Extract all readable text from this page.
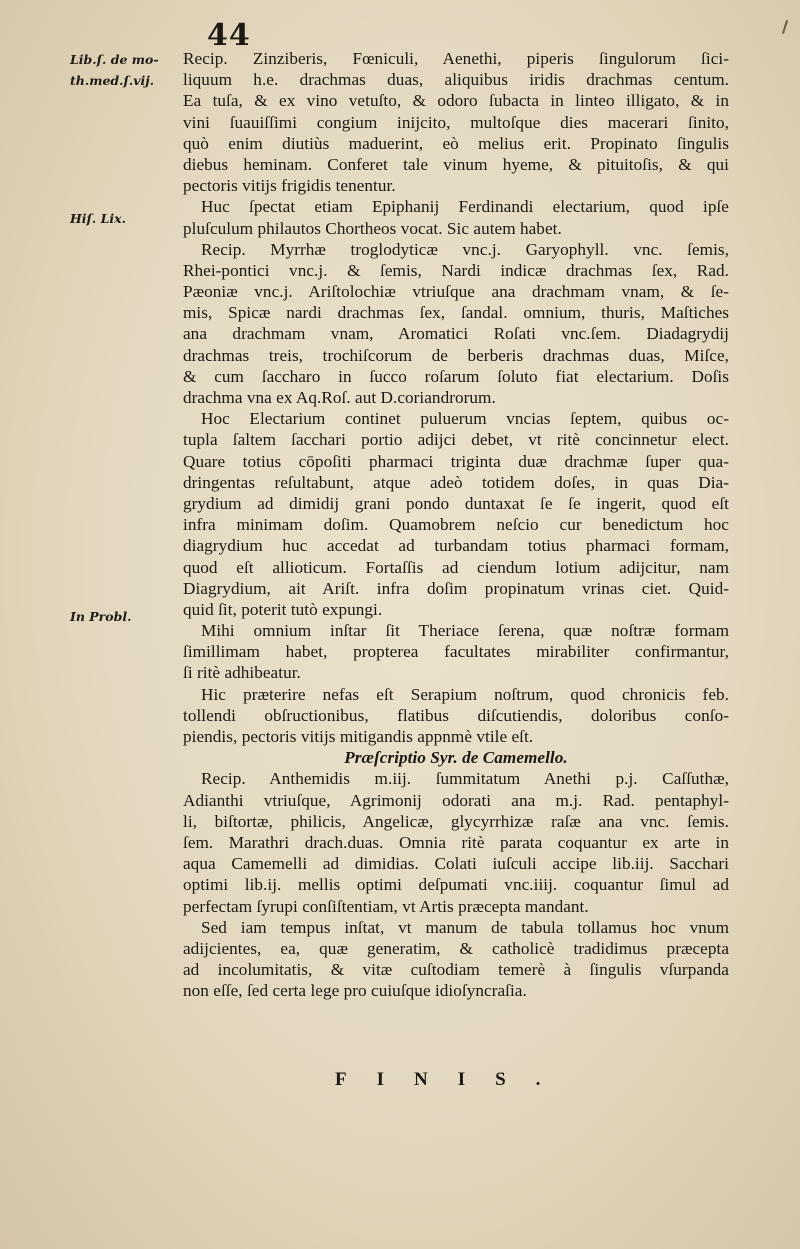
44
Lib.ſ. de mo-
th.med.ſ.vij.
Hiſ. Lix.
In Probl.
Recip. Zinziberis, Fœniculi, Aenethi, piperis ſingulorum ſici-
liquum h.e. drachmas duas, aliquibus iridis drachmas centum.
Ea tuſa, & ex vino vetuſto, & odoro ſubacta in linteo illigato, & in
vini ſuauiſſimi congium inijcito, multoſque dies macerari ſinito,
quò enim diutiùs maduerint, eò melius erit. Propinato ſingulis
diebus heminam. Conferet tale vinum hyeme, & pituitoſis, & qui
pectoris vitijs frigidis tenentur.
Huc ſpectat etiam Epiphanij Ferdinandi electarium, quod ipſe
pluſculum philautos Chortheos vocat. Sic autem habet.
Recip. Myrrhæ troglodyticæ vnc.j. Garyophyll. vnc. ſemis,
Rhei-pontici vnc.j. & ſemis, Nardi indicæ drachmas ſex, Rad.
Pæoniæ vnc.j. Ariſtolochiæ vtriuſque ana drachmam vnam, & ſe-
mis, Spicæ nardi drachmas ſex, ſandal. omnium, thuris, Maſtiches
ana drachmam vnam, Aromatici Roſati vnc.ſem. Diadagrydij
drachmas treis, trochiſcorum de berberis drachmas duas, Miſce,
& cum ſaccharo in ſucco roſarum ſoluto fiat electarium. Doſis
drachma vna ex Aq.Roſ. aut D.coriandrorum.
Hoc Electarium continet puluerum vncias ſeptem, quibus oc-
tupla ſaltem ſacchari portio adijci debet, vt ritè concinnetur elect.
Quare totius cōpoſiti pharmaci triginta duæ drachmæ ſuper qua-
dringentas reſultabunt, atque adeò totidem doſes, in quas Dia-
grydium ad dimidij grani pondo duntaxat ſe ſe ingerit, quod eſt
infra minimam doſim. Quamobrem neſcio cur benedictum hoc
diagrydium huc accedat ad turbandam totius pharmaci formam,
quod eſt allioticum. Fortaſſis ad ciendum lotium adijcitur, nam
Diagrydium, ait Ariſt. infra doſim propinatum vrinas ciet. Quid-
quid ſit, poterit tutò expungi.
Mihi omnium inſtar ſit Theriace ſerena, quæ noſtræ formam
ſimillimam habet, propterea facultates mirabiliter confirmantur,
ſi ritè adhibeatur.
Hic præterire nefas eſt Serapium noſtrum, quod chronicis feb.
tollendi obſructionibus, flatibus diſcutiendis, doloribus conſo-
piendis, pectoris vitijs mitigandis appnmè vtile eſt.
Præſcriptio Syr. de Camemello.
Recip. Anthemidis m.iij. ſummitatum Anethi p.j. Caſſuthæ,
Adianthi vtriuſque, Agrimonij odorati ana m.j. Rad. pentaphyl-
li, biſtortæ, philicis, Angelicæ, glycyrrhizæ raſæ ana vnc. ſemis.
ſem. Marathri drach.duas. Omnia ritè parata coquantur ex arte in
aqua Camemelli ad dimidias. Colati iuſculi accipe lib.iij. Sacchari
optimi lib.ij. mellis optimi deſpumati vnc.iiij. coquantur ſimul ad
perfectam ſyrupi conſiſtentiam, vt Artis præcepta mandant.
Sed iam tempus inſtat, vt manum de tabula tollamus hoc vnum
adijcientes, ea, quæ generatim, & catholicè tradidimus præcepta
ad incolumitatis, & vitæ cuſtodiam temerè à ſingulis vſurpanda
non eſſe, ſed certa lege pro cuiuſque idioſyncraſia.
FINIS.
